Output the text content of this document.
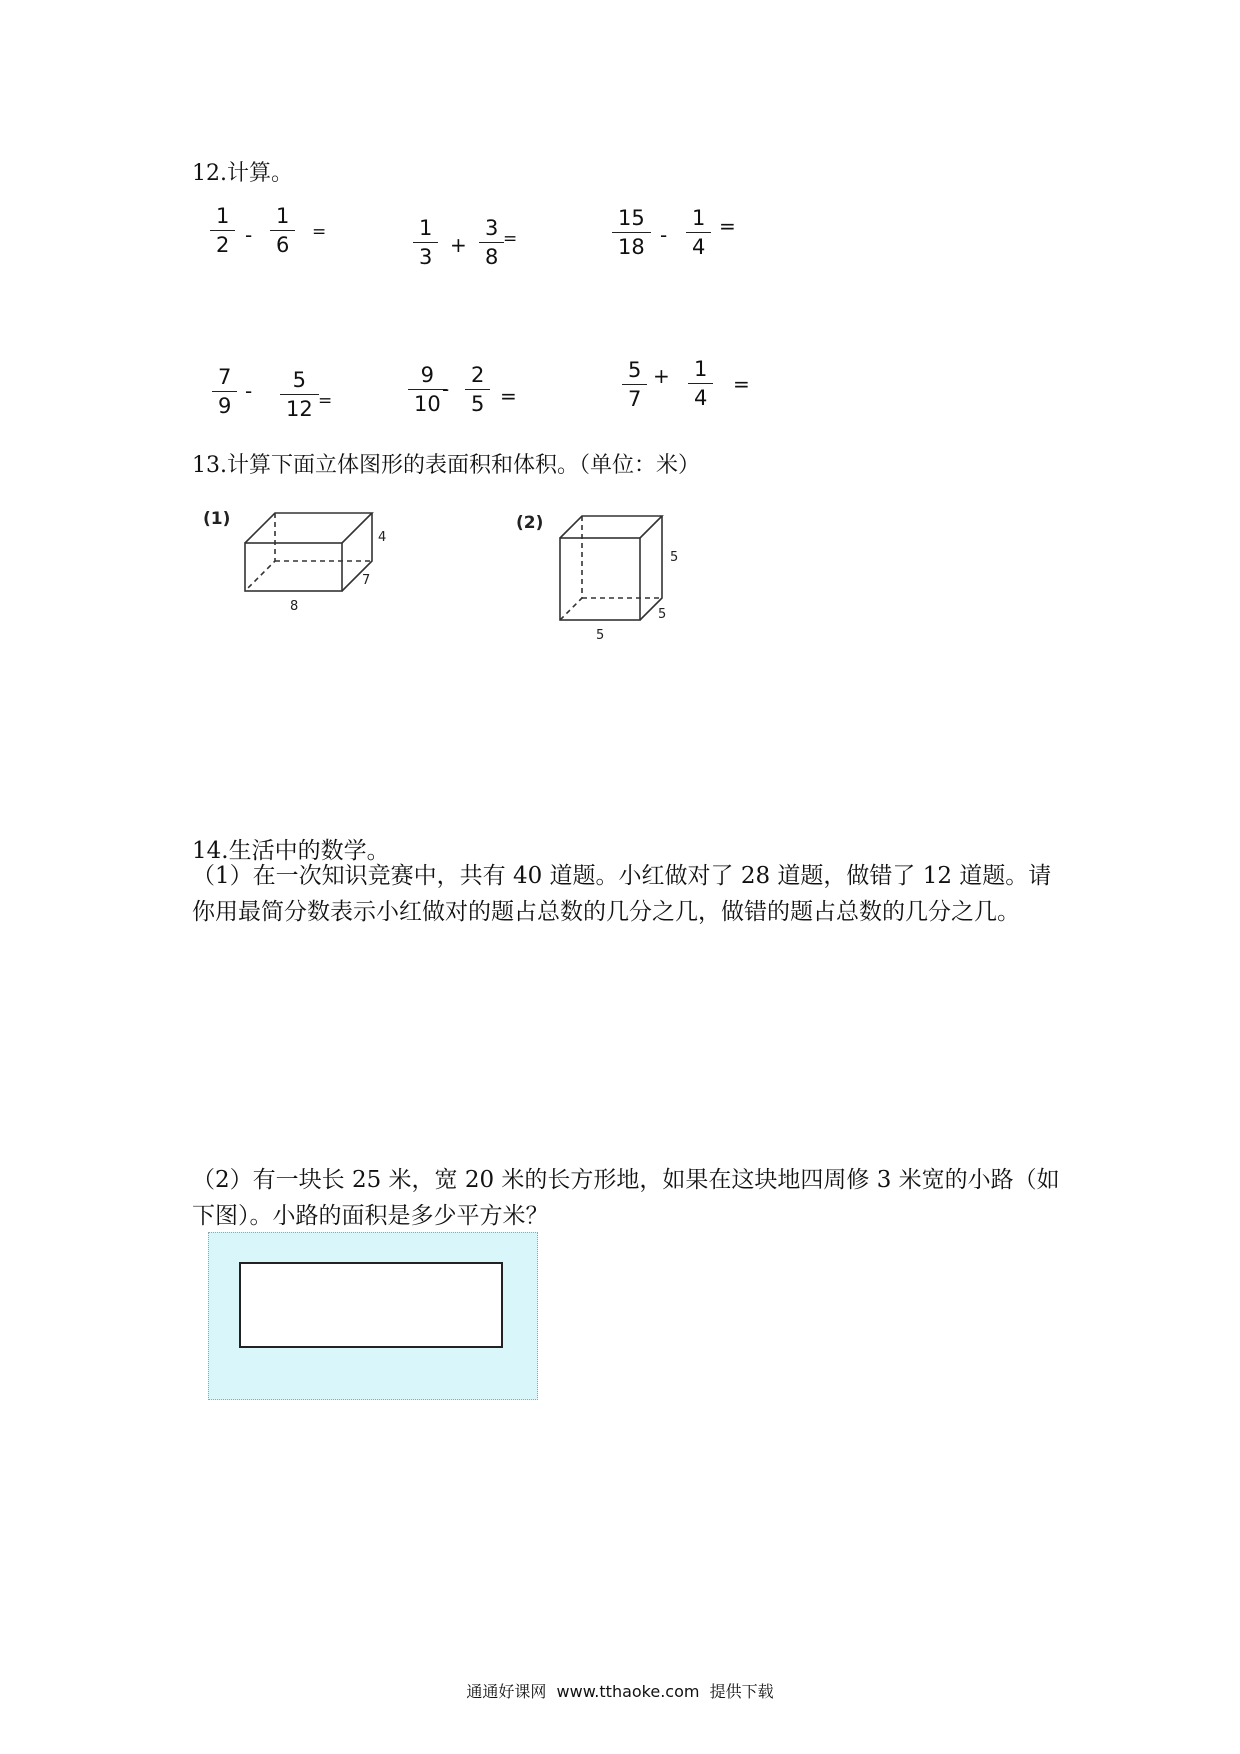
12.计算。
1
2 -
1
6
=	1
3 +
3
8
=
15
18 -
1
4
=
7
9
- 5
12 =
9
10
-
2
5 =
5
7
+ 1
4
=
13.计算下面立体图形的表面积和体积。（单位：米）
(1)
4
7
8
(2)
5
5
5
14.生活中的数学。
（1）在一次知识竞赛中，共有 40 道题。小红做对了 28 道题，做错了 12 道题。请你用最简分数表示小红做对的题占总数的几分之几，做错的题占总数的几分之几。
（2）有一块长 25 米，宽 20 米的长方形地，如果在这块地四周修 3 米宽的小路（如下图）。小路的面积是多少平方米？
通通好课网  www.tthaoke.com  提供下载
